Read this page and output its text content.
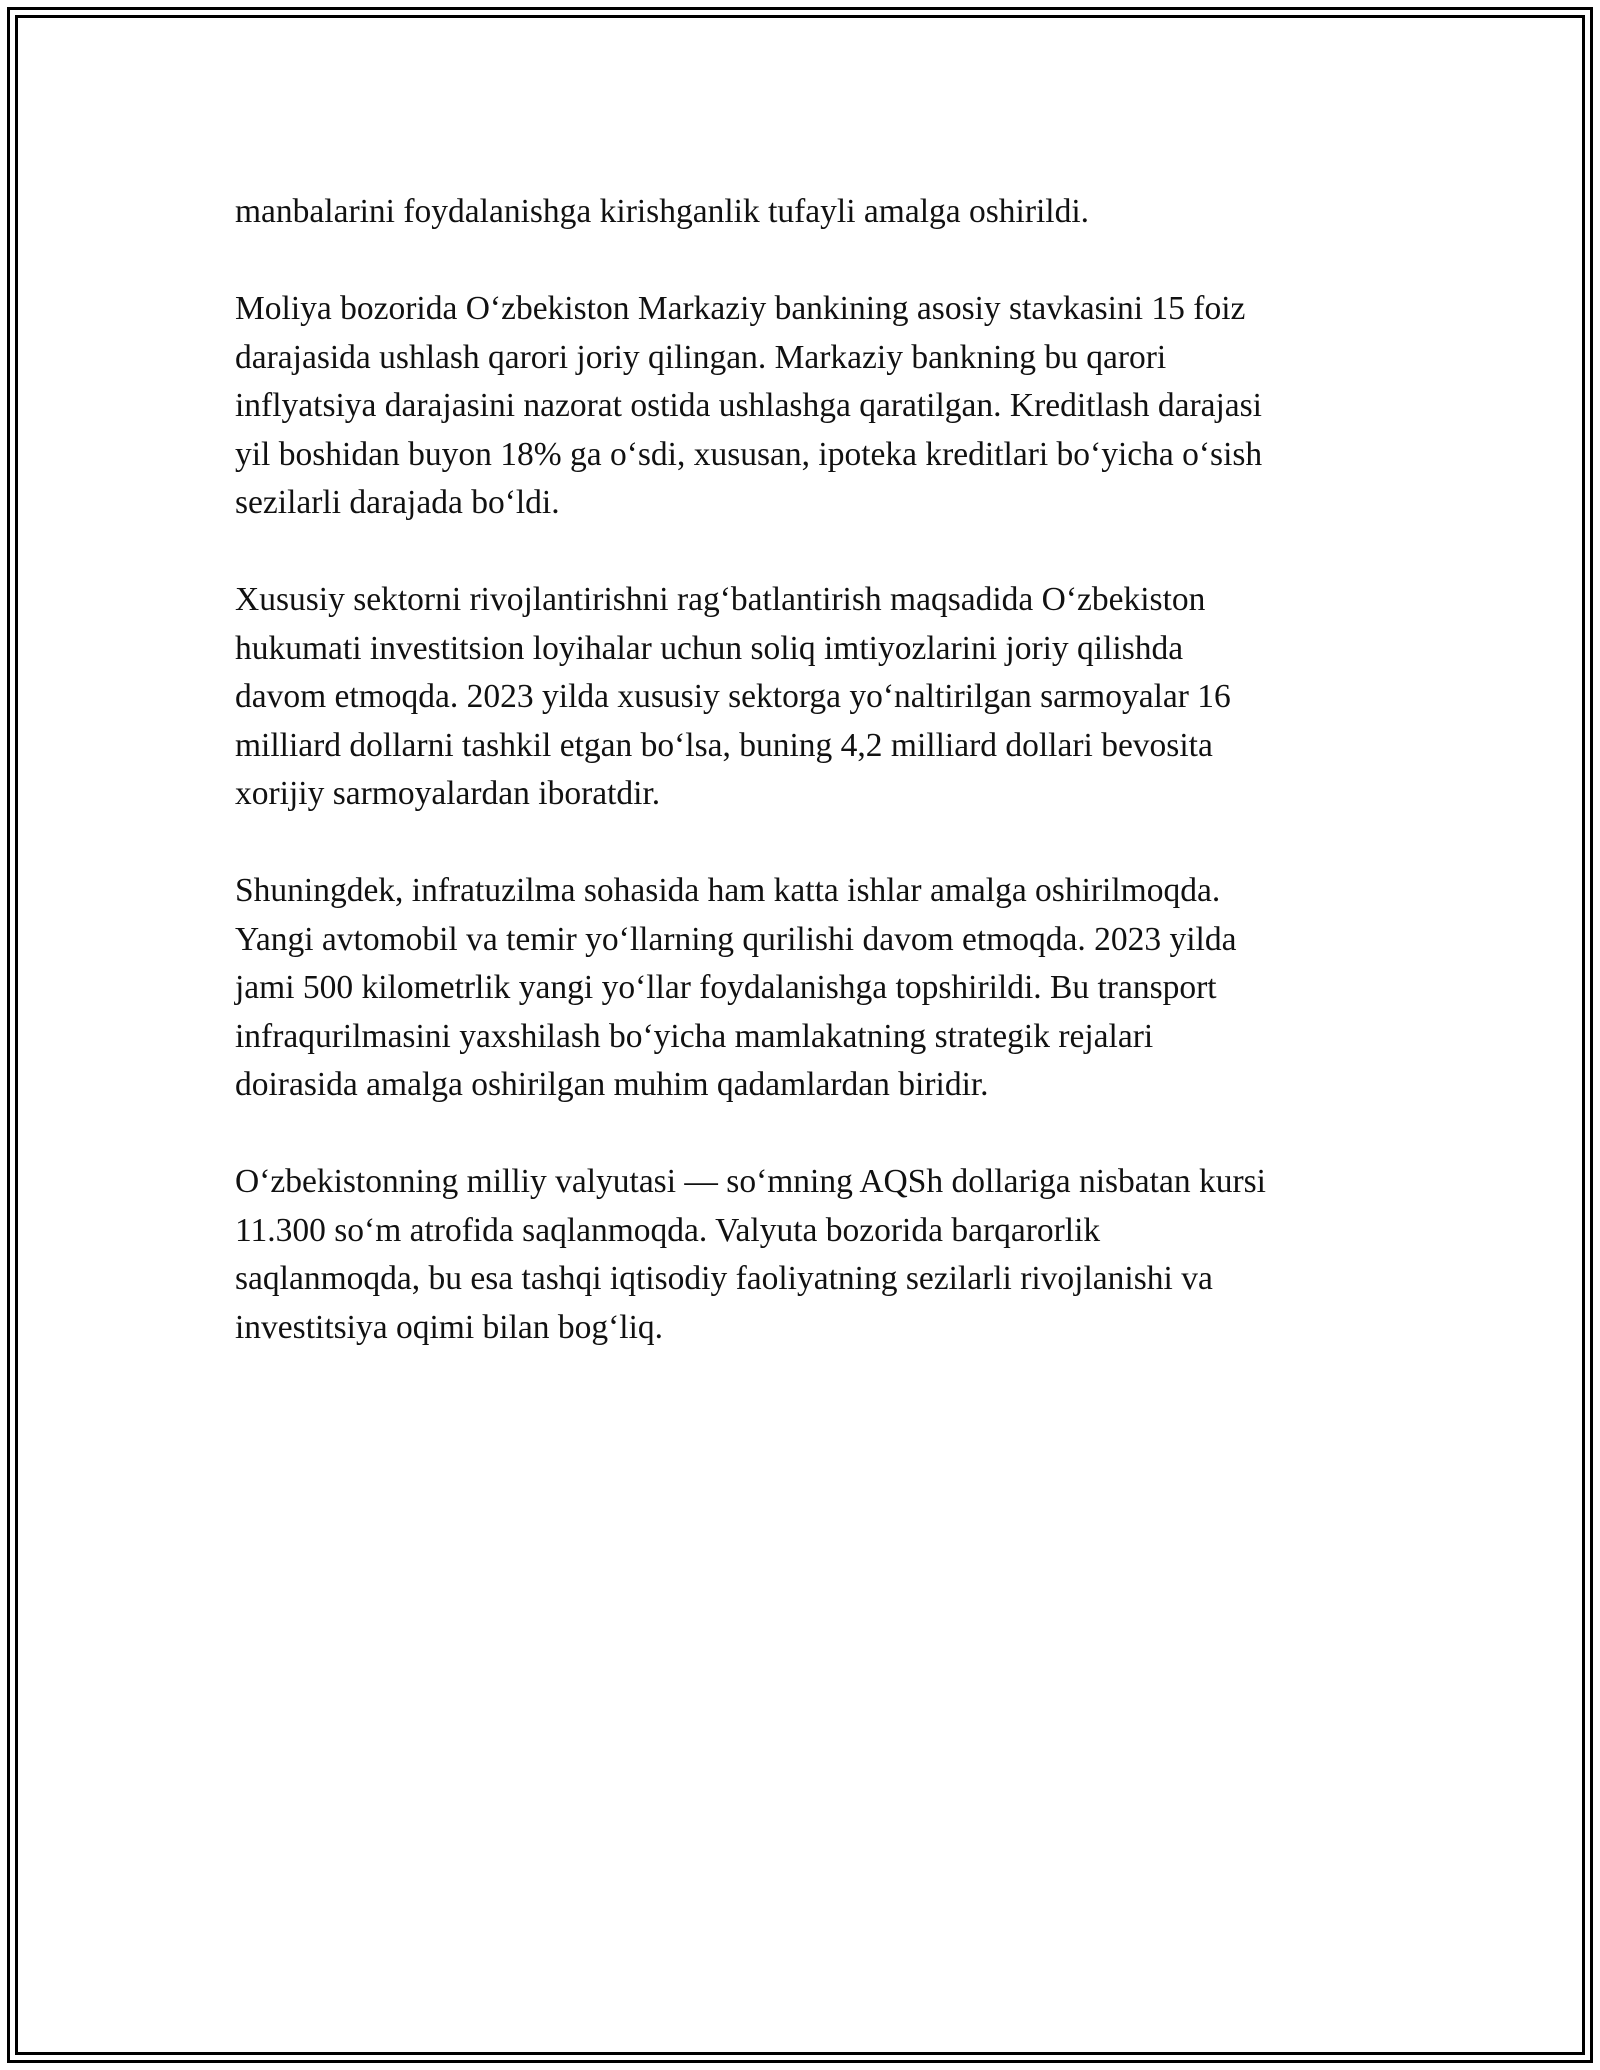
manbalarini foydalanishga kirishganlik tufayli amalga oshirildi.

Moliya bozorida O‘zbekiston Markaziy bankining asosiy stavkasini 15 foiz
darajasida ushlash qarori joriy qilingan. Markaziy bankning bu qarori
inflyatsiya darajasini nazorat ostida ushlashga qaratilgan. Kreditlash darajasi
yil boshidan buyon 18% ga o‘sdi, xususan, ipoteka kreditlari bo‘yicha o‘sish
sezilarli darajada bo‘ldi.

Xususiy sektorni rivojlantirishni rag‘batlantirish maqsadida O‘zbekiston
hukumati investitsion loyihalar uchun soliq imtiyozlarini joriy qilishda
davom etmoqda. 2023 yilda xususiy sektorga yo‘naltirilgan sarmoyalar 16
milliard dollarni tashkil etgan bo‘lsa, buning 4,2 milliard dollari bevosita
xorijiy sarmoyalardan iboratdir.

Shuningdek, infratuzilma sohasida ham katta ishlar amalga oshirilmoqda.
Yangi avtomobil va temir yo‘llarning qurilishi davom etmoqda. 2023 yilda
jami 500 kilometrlik yangi yo‘llar foydalanishga topshirildi. Bu transport
infraqurilmasini yaxshilash bo‘yicha mamlakatning strategik rejalari
doirasida amalga oshirilgan muhim qadamlardan biridir.

O‘zbekistonning milliy valyutasi — so‘mning AQSh dollariga nisbatan kursi
11.300 so‘m atrofida saqlanmoqda. Valyuta bozorida barqarorlik
saqlanmoqda, bu esa tashqi iqtisodiy faoliyatning sezilarli rivojlanishi va
investitsiya oqimi bilan bog‘liq.
